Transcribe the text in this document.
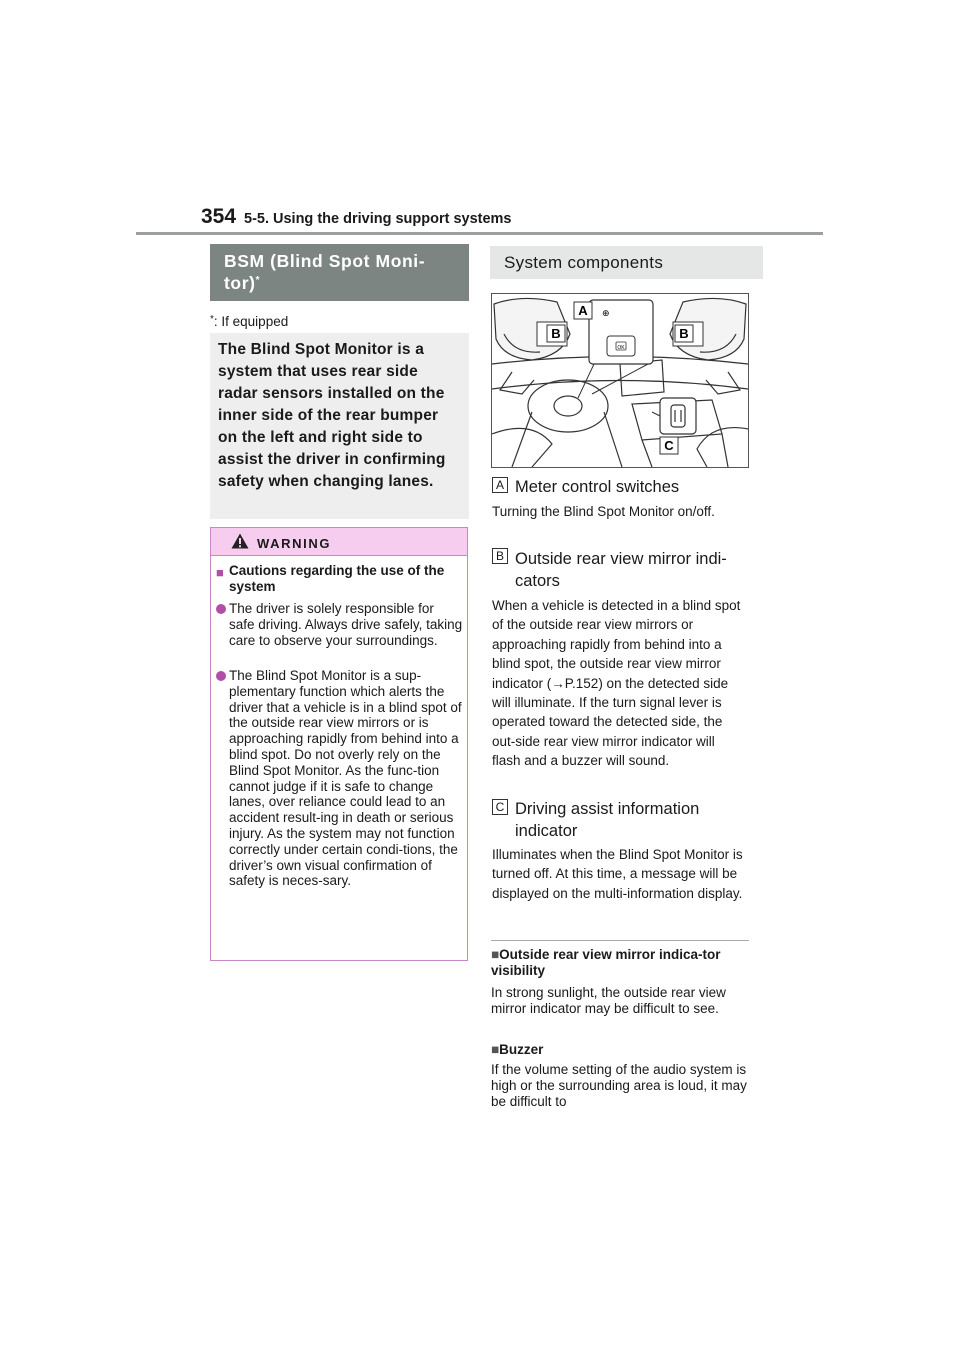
354 5-5. Using the driving support systems
BSM (Blind Spot Moni-
tor)*
*: If equipped
The Blind Spot Monitor is a system that uses rear side radar sensors installed on the inner side of the rear bumper on the left and right side to assist the driver in confirming safety when changing lanes.
WARNING
■ Cautions regarding the use of the system
The driver is solely responsible for safe driving. Always drive safely, taking care to observe your surroundings.
The Blind Spot Monitor is a sup-plementary function which alerts the driver that a vehicle is in a blind spot of the outside rear view mirrors or is approaching rapidly from behind into a blind spot. Do not overly rely on the Blind Spot Monitor. As the func-tion cannot judge if it is safe to change lanes, over reliance could lead to an accident result-ing in death or serious injury. As the system may not function correctly under certain condi-tions, the driver’s own visual confirmation of safety is neces-sary.
System components
OK
⊕
A
B	B
C
A Meter control switches
Turning the Blind Spot Monitor on/off.
B Outside rear view mirror indi-cators
When a vehicle is detected in a blind spot of the outside rear view mirrors or approaching rapidly from behind into a blind spot, the outside rear view mirror indicator (→P.152) on the detected side will illuminate. If the turn signal lever is operated toward the detected side, the out-side rear view mirror indicator will flash and a buzzer will sound.
C Driving assist information indicator
Illuminates when the Blind Spot Monitor is turned off. At this time, a message will be displayed on the multi-information display.
■Outside rear view mirror indica-tor visibility
In strong sunlight, the outside rear view mirror indicator may be difficult to see.
■Buzzer
If the volume setting of the audio system is high or the surrounding area is loud, it may be difficult to
